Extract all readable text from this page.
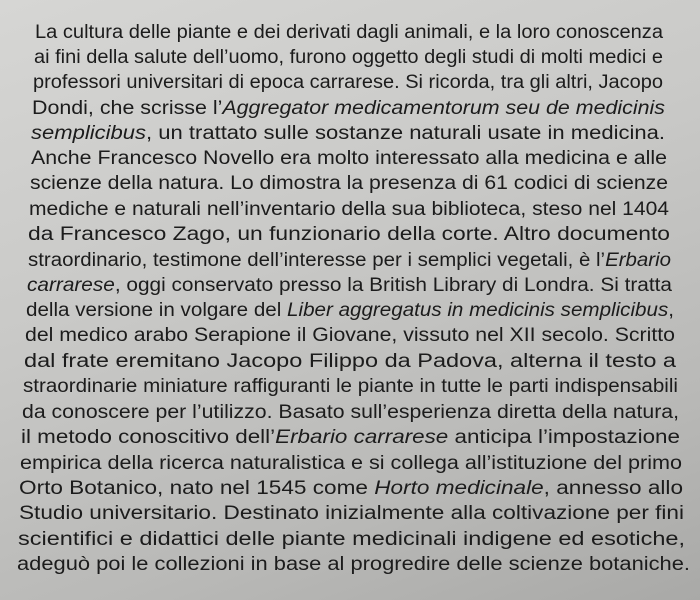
La cultura delle piante e dei derivati dagli animali, e la loro conoscenza
ai fini della salute dell’uomo, furono oggetto degli studi di molti medici e
professori universitari di epoca carrarese. Si ricorda, tra gli altri, Jacopo
Dondi, che scrisse l’Aggregator medicamentorum seu de medicinis
semplicibus, un trattato sulle sostanze naturali usate in medicina.
Anche Francesco Novello era molto interessato alla medicina e alle
scienze della natura. Lo dimostra la presenza di 61 codici di scienze
mediche e naturali nell’inventario della sua biblioteca, steso nel 1404
da Francesco Zago, un funzionario della corte. Altro documento
straordinario, testimone dell’interesse per i semplici vegetali, è l’Erbario
carrarese, oggi conservato presso la British Library di Londra. Si tratta
della versione in volgare del Liber aggregatus in medicinis semplicibus,
del medico arabo Serapione il Giovane, vissuto nel XII secolo. Scritto
dal frate eremitano Jacopo Filippo da Padova, alterna il testo a
straordinarie miniature raffiguranti le piante in tutte le parti indispensabili
da conoscere per l’utilizzo. Basato sull’esperienza diretta della natura,
il metodo conoscitivo dell’Erbario carrarese anticipa l’impostazione
empirica della ricerca naturalistica e si collega all’istituzione del primo
Orto Botanico, nato nel 1545 come Horto medicinale, annesso allo
Studio universitario. Destinato inizialmente alla coltivazione per fini
scientifici e didattici delle piante medicinali indigene ed esotiche,
adeguò poi le collezioni in base al progredire delle scienze botaniche.
